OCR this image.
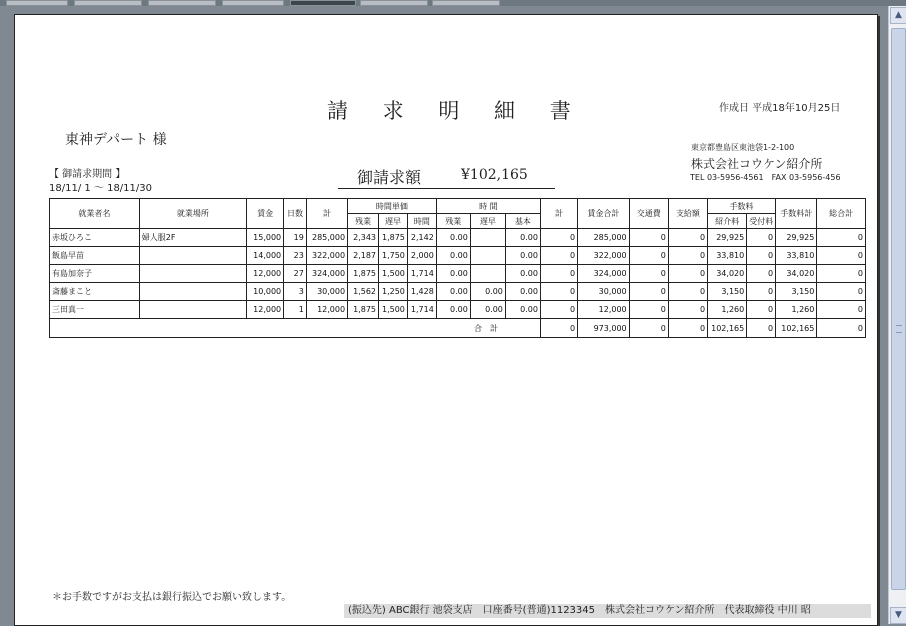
請 求 明 細 書	作成日 平成18年10月25日
東神デパート 様	東京都豊島区東池袋1-2-100
株式会社コウケン紹介所
TEL 03-5956-4561　FAX 03-5956-456
【 御請求期間 】
18/11/ 1 〜 18/11/30
御請求額	¥102,165
就業者名	就業場所	賃金	日数	計	時間単価			時 間			計	賃金合計	交通費	支給額	手数料		手数料計	総合計
					残業	遅早	時間	残業	遅早	基本					紹介料	受付料		
赤坂ひろこ	婦人服2F	15,000	19	285,000	2,343	1,875	2,142	0.00		0.00	0	285,000	0	0	29,925	0	29,925	0
飯島早苗		14,000	23	322,000	2,187	1,750	2,000	0.00		0.00	0	322,000	0	0	33,810	0	33,810	0
有島加奈子		12,000	27	324,000	1,875	1,500	1,714	0.00		0.00	0	324,000	0	0	34,020	0	34,020	0
斎藤まこと		10,000	3	30,000	1,562	1,250	1,428	0.00	0.00	0.00	0	30,000	0	0	3,150	0	3,150	0
三田真一		12,000	1	12,000	1,875	1,500	1,714	0.00	0.00	0.00	0	12,000	0	0	1,260	0	1,260	0
合　計											0	973,000	0	0	102,165	0	102,165	0
＊お手数ですがお支払は銀行振込でお願い致します。
(振込先) ABC銀行 池袋支店　口座番号(普通)1123345　株式会社コウケン紹介所　代表取締役 中川 昭
▲
▼
